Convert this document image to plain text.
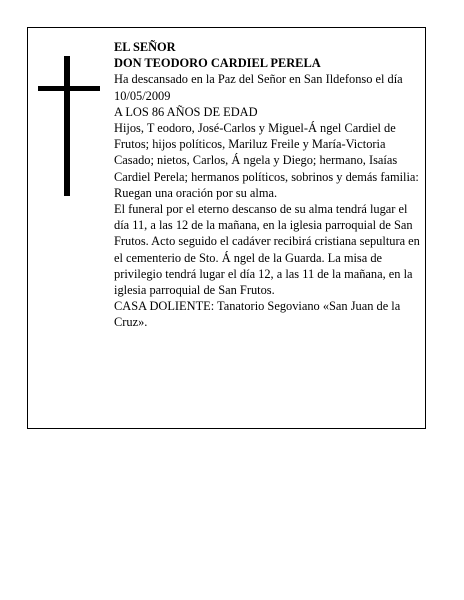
EL SEÑOR

DON TEODORO CARDIEL PERELA

Ha descansado en la Paz del Señor en San Ildefonso el día 10/05/2009

A LOS 86 AÑOS DE EDAD

Hijos, T eodoro, José-Carlos y Miguel-Á ngel Cardiel de Frutos; hijos políticos, Mariluz Freile y María-Victoria Casado; nietos, Carlos, Á ngela y Diego; hermano, Isaías Cardiel Perela; hermanos políticos, sobrinos y demás familia:

Ruegan una oración por su alma.

El funeral por el eterno descanso de su alma tendrá lugar el día 11, a las 12 de la mañana, en la iglesia parroquial de San Frutos. Acto seguido el cadáver recibirá cristiana sepultura en el cementerio de Sto. Á ngel de la Guarda. La misa de privilegio tendrá lugar el día 12, a las 11 de la mañana, en la iglesia parroquial de San Frutos.

CASA DOLIENTE: Tanatorio Segoviano «San Juan de la Cruz».
